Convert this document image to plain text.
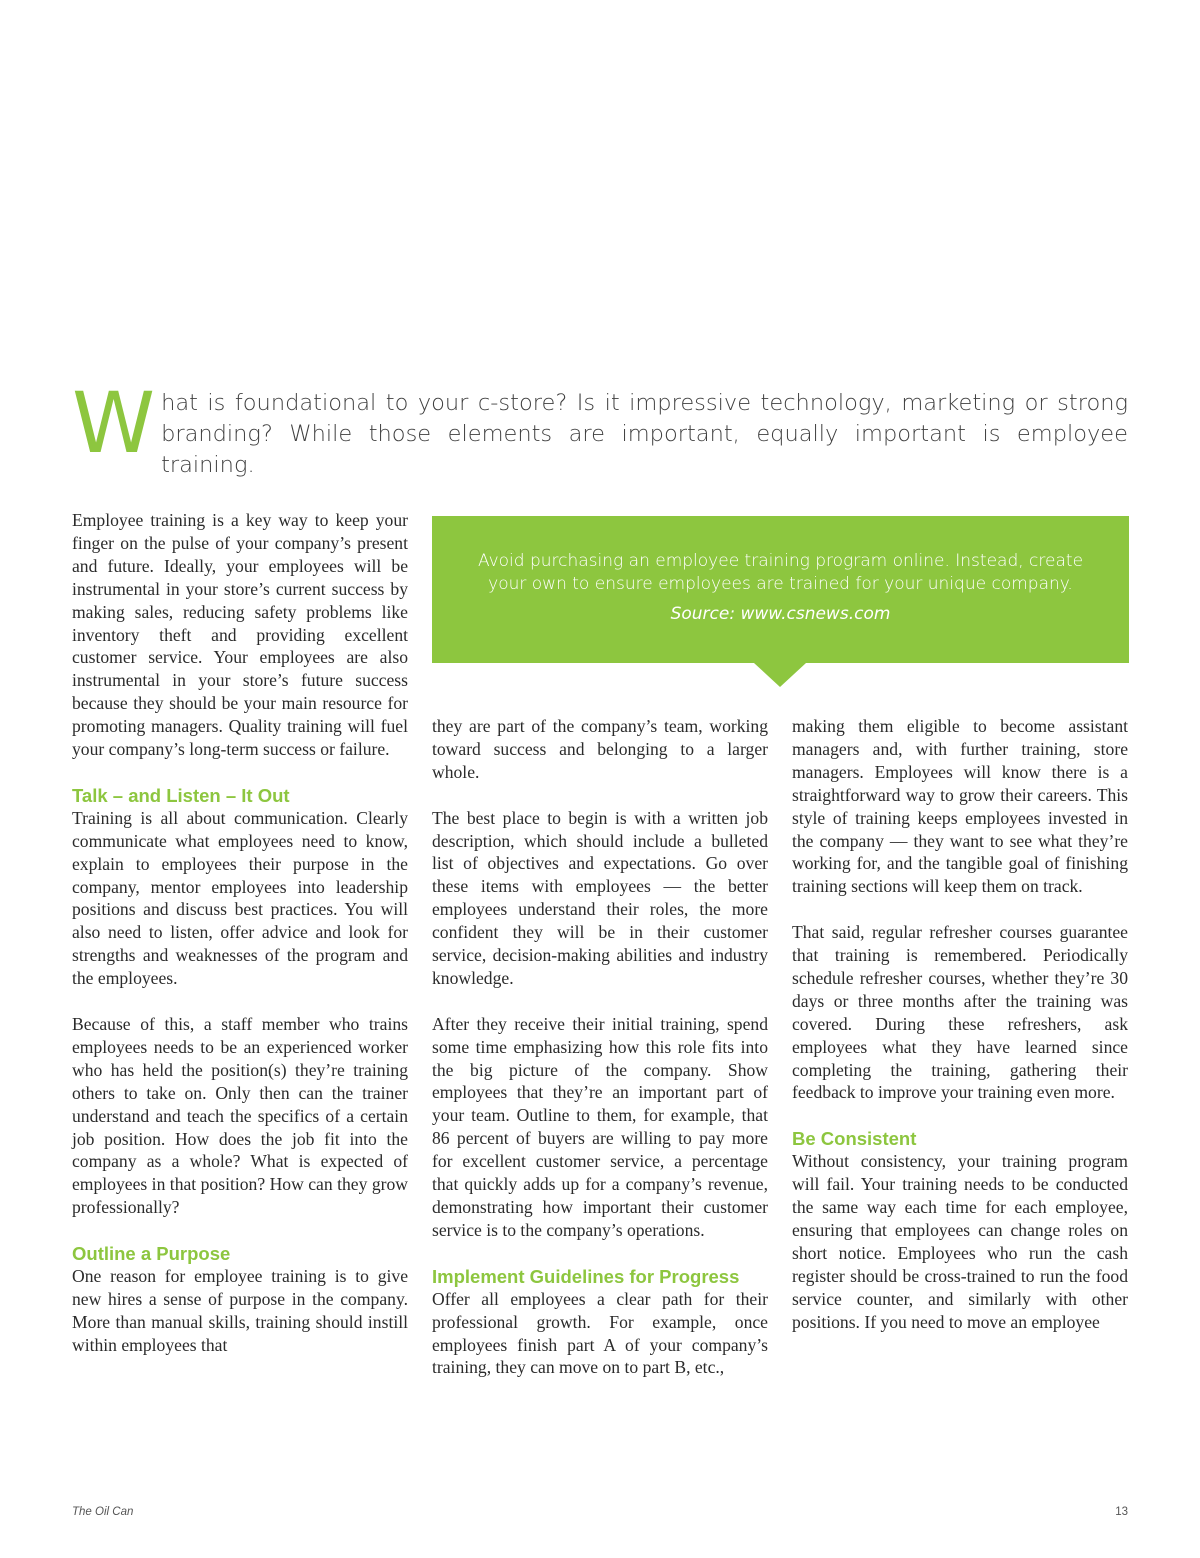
W hat is foundational to your c-store? Is it impressive technology, marketing or strong branding? While those elements are important, equally important is employee training.

Employee training is a key way to keep your finger on the pulse of your company’s present and future. Ideally, your employees will be instrumental in your store’s current success by making sales, reducing safety problems like inventory theft and providing excellent customer service. Your employees are also instrumental in your store’s future success because they should be your main resource for promoting managers. Quality training will fuel your company’s long-term success or failure.

Talk – and Listen – It Out

Training is all about communication. Clearly communicate what employees need to know, explain to employees their purpose in the company, mentor employees into leadership positions and discuss best practices. You will also need to listen, offer advice and look for strengths and weaknesses of the program and the employees.

Because of this, a staff member who trains employees needs to be an experienced worker who has held the position(s) they’re training others to take on. Only then can the trainer understand and teach the specifics of a certain job position. How does the job fit into the company as a whole? What is expected of employees in that position? How can they grow professionally?

Outline a Purpose

One reason for employee training is to give new hires a sense of purpose in the company. More than manual skills, training should instill within employees that

Avoid purchasing an employee training program online. Instead, create your own to ensure employees are trained for your unique company.
Source: www.csnews.com

they are part of the company’s team, working toward success and belonging to a larger whole.

The best place to begin is with a written job description, which should include a bulleted list of objectives and expectations. Go over these items with employees — the better employees understand their roles, the more confident they will be in their customer service, decision-making abilities and industry knowledge.

After they receive their initial training, spend some time emphasizing how this role fits into the big picture of the company. Show employees that they’re an important part of your team. Outline to them, for example, that 86 percent of buyers are willing to pay more for excellent customer service, a percentage that quickly adds up for a company’s revenue, demonstrating how important their customer service is to the company’s operations.

Implement Guidelines for Progress

Offer all employees a clear path for their professional growth. For example, once employees finish part A of your company’s training, they can move on to part B, etc.,

making them eligible to become assistant managers and, with further training, store managers. Employees will know there is a straightforward way to grow their careers. This style of training keeps employees invested in the company — they want to see what they’re working for, and the tangible goal of finishing training sections will keep them on track.

That said, regular refresher courses guarantee that training is remembered. Periodically schedule refresher courses, whether they’re 30 days or three months after the training was covered. During these refreshers, ask employees what they have learned since completing the training, gathering their feedback to improve your training even more.

Be Consistent

Without consistency, your training program will fail. Your training needs to be conducted the same way each time for each employee, ensuring that employees can change roles on short notice. Employees who run the cash register should be cross-trained to run the food service counter, and similarly with other positions. If you need to move an employee

The Oil Can	13
